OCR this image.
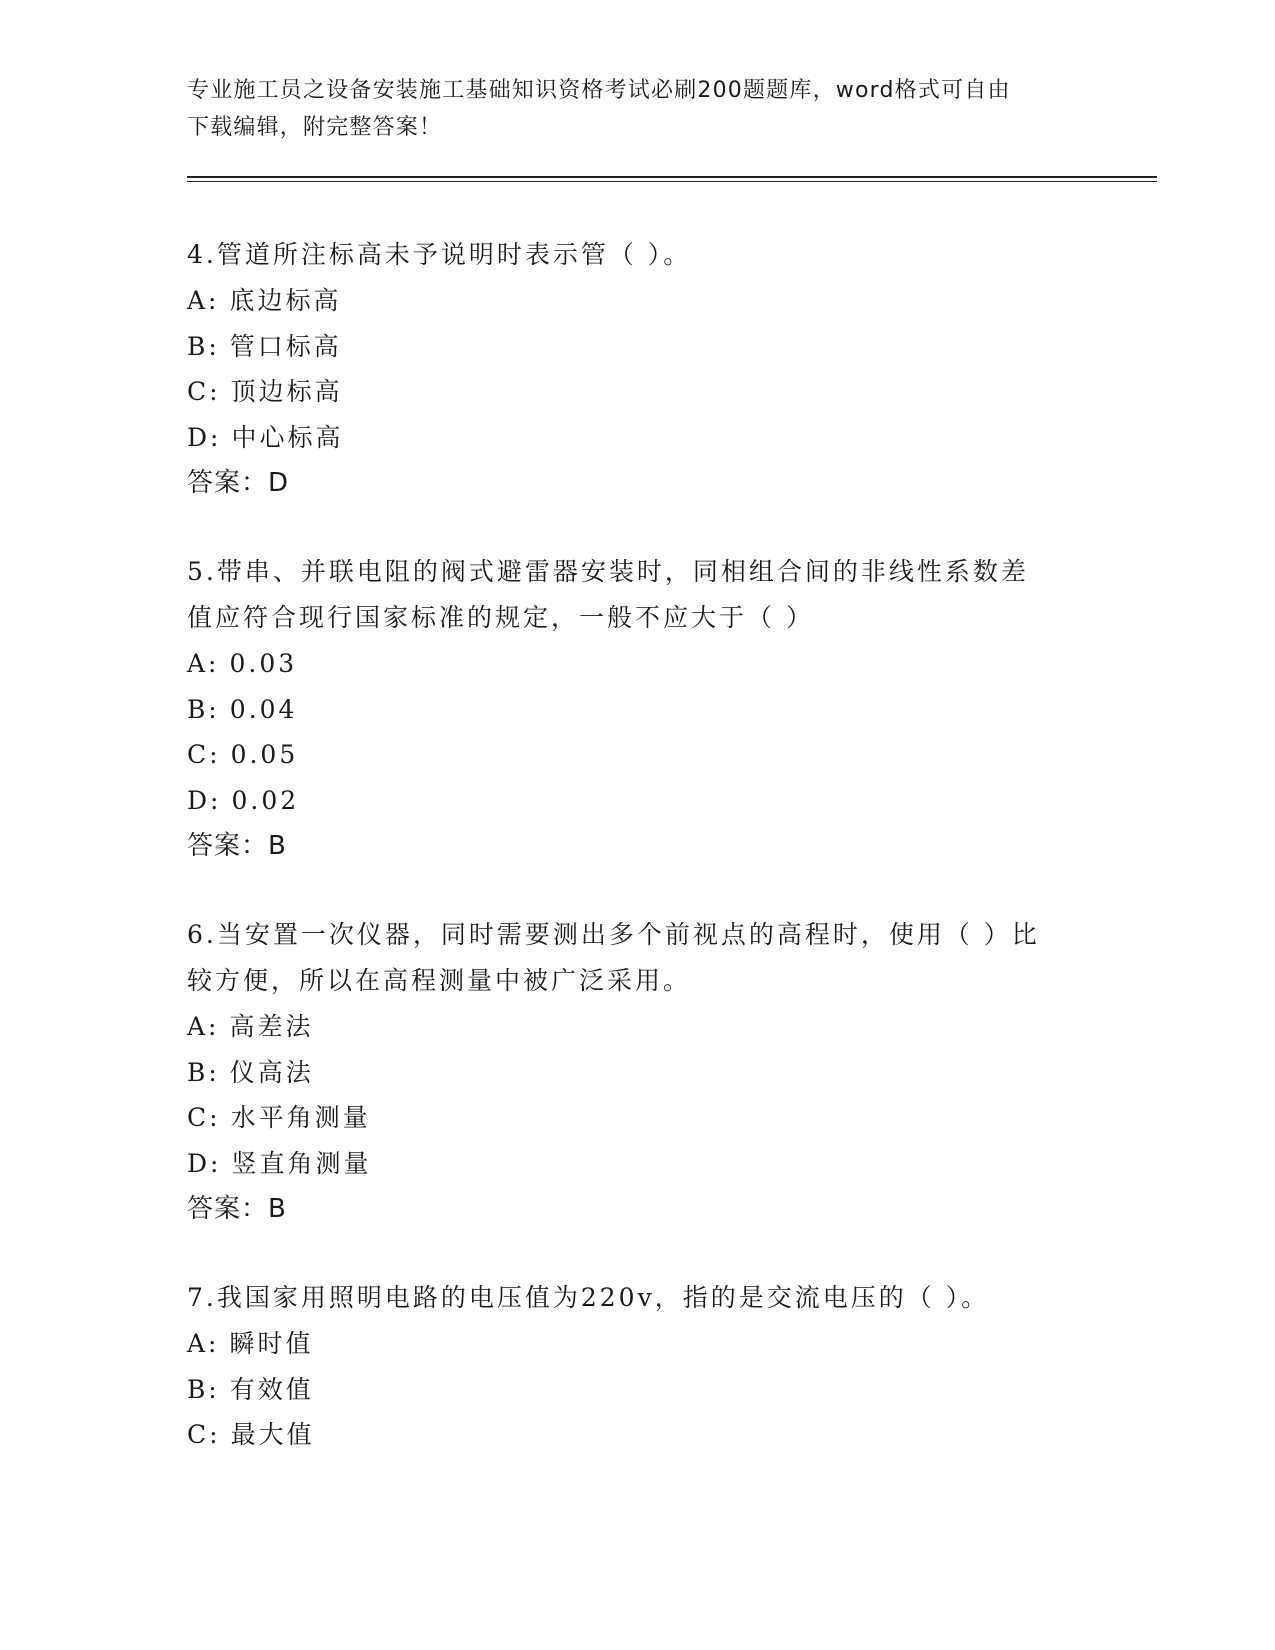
专业施工员之设备安装施工基础知识资格考试必刷200题题库，word格式可自由
下载编辑，附完整答案！

4.管道所注标高未予说明时表示管（ ）。

A: 底边标高

B: 管口标高

C: 顶边标高

D: 中心标高

答案：D

5.带串、并联电阻的阀式避雷器安装时，同相组合间的非线性系数差

值应符合现行国家标准的规定，一般不应大于（ ）

A: 0.03

B: 0.04

C: 0.05

D: 0.02

答案：B

6.当安置一次仪器，同时需要测出多个前视点的高程时，使用（ ）比

较方便，所以在高程测量中被广泛采用。

A: 高差法

B: 仪高法

C: 水平角测量

D: 竖直角测量

答案：B

7.我国家用照明电路的电压值为220v，指的是交流电压的（ ）。

A: 瞬时值

B: 有效值

C: 最大值
